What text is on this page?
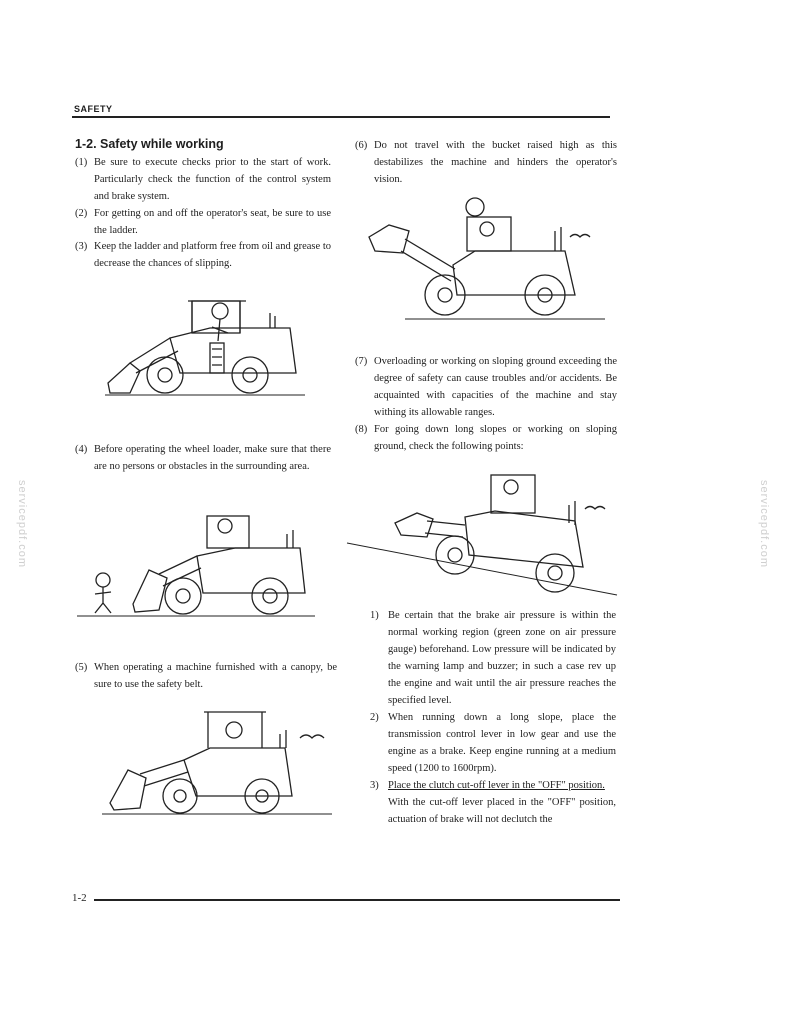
SAFETY
1-2. Safety while working
(1) Be sure to execute checks prior to the start of work. Particularly check the function of the control system and brake system.
(2) For getting on and off the operator's seat, be sure to use the ladder.
(3) Keep the ladder and platform free from oil and grease to decrease the chances of slipping.
(4) Before operating the wheel loader, make sure that there are no persons or obstacles in the surrounding area.
(5) When operating a machine furnished with a canopy, be sure to use the safety belt.
(6) Do not travel with the bucket raised high as this destabilizes the machine and hinders the operator's vision.
(7) Overloading or working on sloping ground exceeding the degree of safety can cause troubles and/or accidents. Be acquainted with capacities of the machine and stay withing its allowable ranges.
(8) For going down long slopes or working on sloping ground, check the following points:
1) Be certain that the brake air pressure is within the normal working region (green zone on air pressure gauge) beforehand. Low pressure will be indicated by the warning lamp and buzzer; in such a case rev up the engine and wait until the air pressure reaches the specified level.
2) When running down a long slope, place the transmission control lever in low gear and use the engine as a brake. Keep engine running at a medium speed (1200 to 1600rpm).
3) Place the clutch cut-off lever in the "OFF" position.
With the cut-off lever placed in the "OFF" position, actuation of brake will not declutch the
1-2
servicepdf.com	servicepdf.com
